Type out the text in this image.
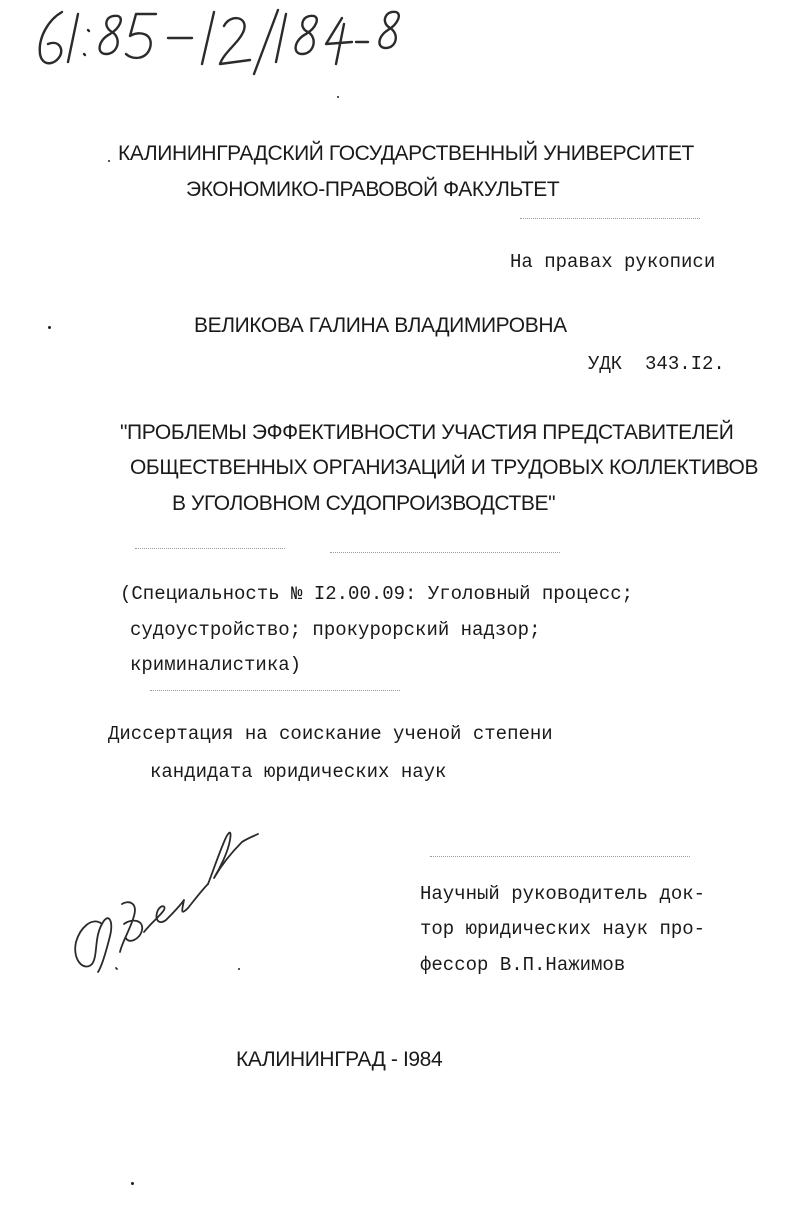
КАЛИНИНГРАДСКИЙ ГОСУДАРСТВЕННЫЙ УНИВЕРСИТЕТ
ЭКОНОМИКО-ПРАВОВОЙ ФАКУЛЬТЕТ
На правах рукописи
ВЕЛИКОВА ГАЛИНА ВЛАДИМИРОВНА
УДК  343.I2.
"ПРОБЛЕМЫ ЭФФЕКТИВНОСТИ УЧАСТИЯ ПРЕДСТАВИТЕЛЕЙ
ОБЩЕСТВЕННЫХ ОРГАНИЗАЦИЙ И ТРУДОВЫХ КОЛЛЕКТИВОВ
В УГОЛОВНОМ СУДОПРОИЗВОДСТВЕ"
(Специальность № I2.00.09: Уголовный процесс;
судоустройство; прокурорский надзор;
криминалистика)
Диссертация на соискание ученой степени
кандидата юридических наук
Научный руководитель док-
тор юридических наук про-
фессор В.П.Нажимов
КАЛИНИНГРАД - I984
